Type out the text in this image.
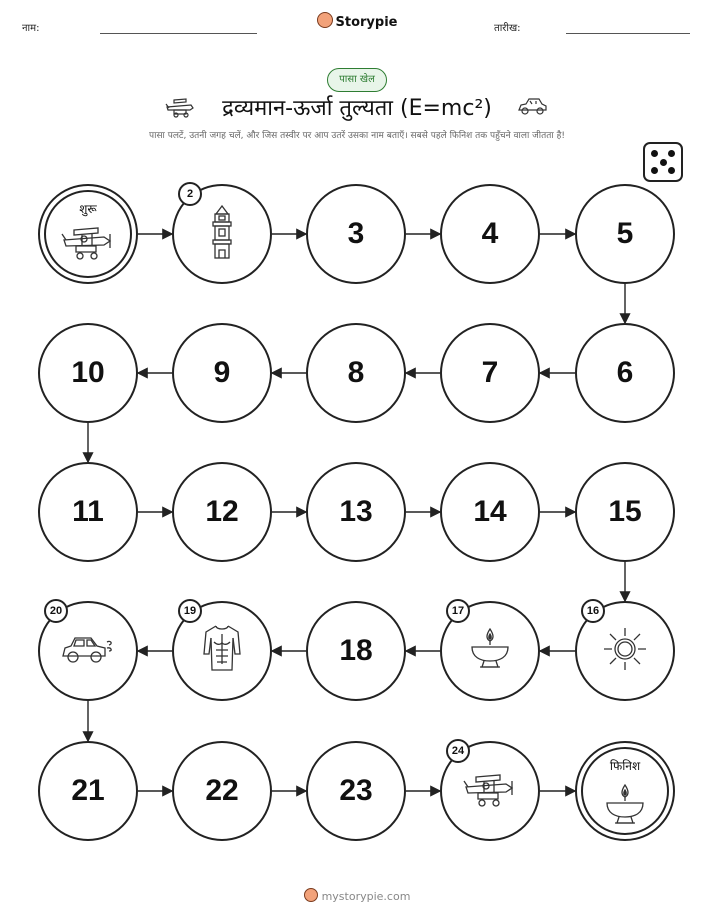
नाम:	Storypie	तारीख:
पासा खेल
द्रव्यमान-ऊर्जा तुल्यता (E=mc²)
पासा पलटें, उतनी जगह चलें, और जिस तस्वीर पर आप उतरें उसका नाम बताएँ। सबसे पहले फिनिश तक पहुँचने वाला जीतता है!
शुरू
2
3	4	5
6
7
8
9
10
11	12	13	14	15
16
17
18
19
20
21	22	23
24
फिनिश
mystorypie.com
